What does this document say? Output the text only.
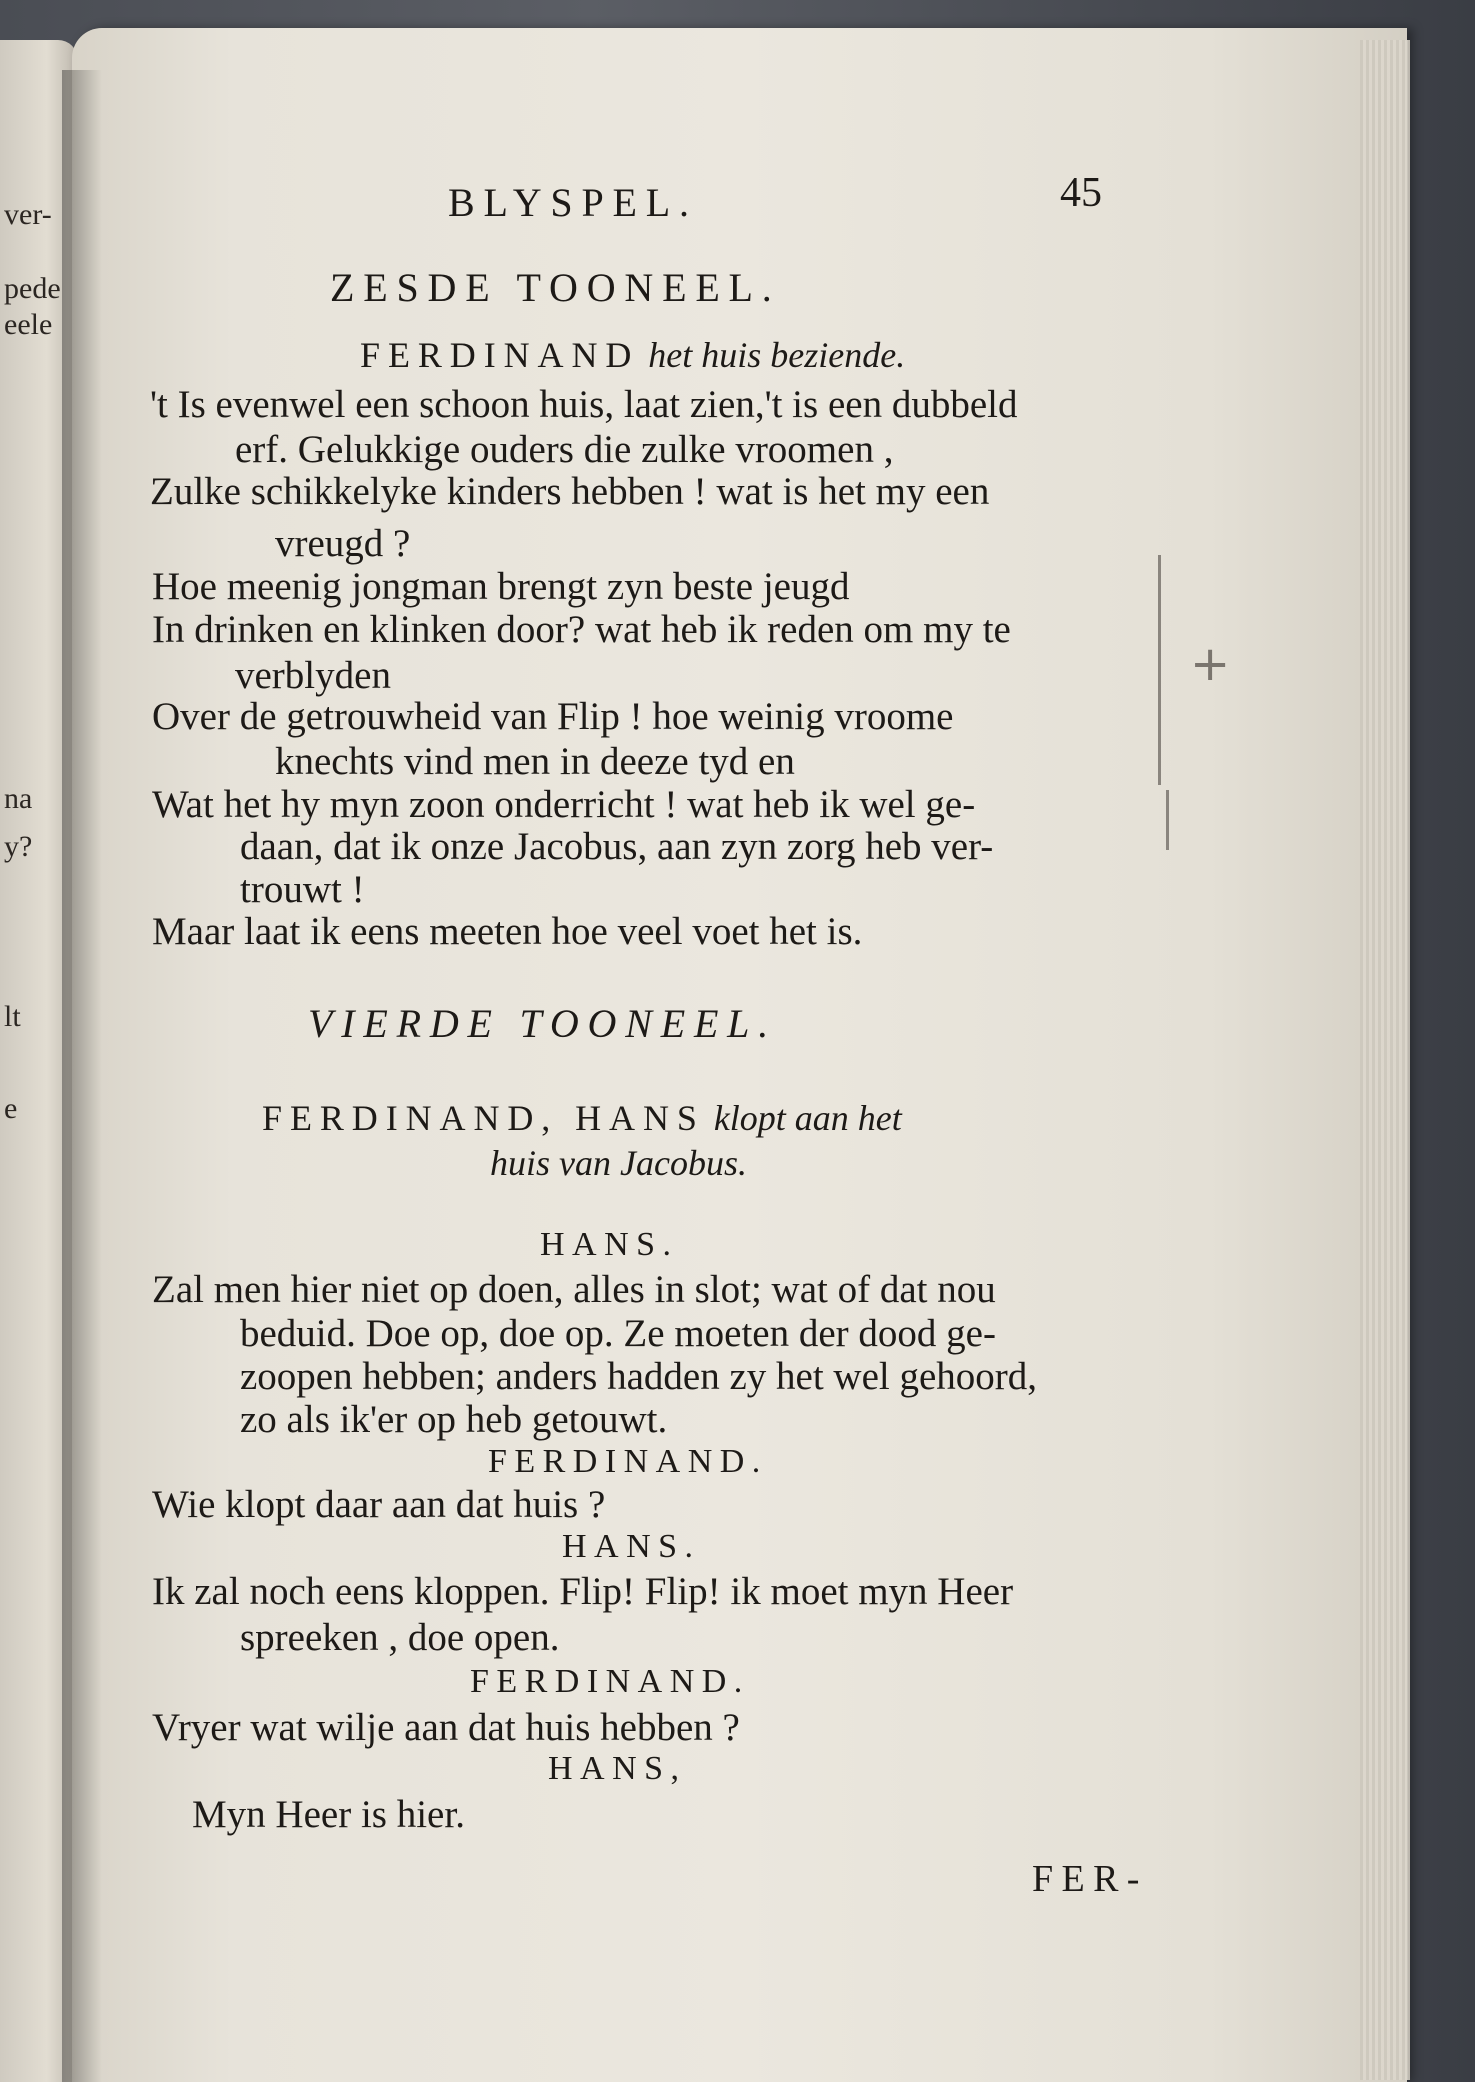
ver-
pede
eele
na
y?
lt
e
BLYSPEL.	45
ZESDE TOONEEL.
FERDINAND het huis beziende.
't Is evenwel een schoon huis, laat zien,'t is een dubbeld
erf. Gelukkige ouders die zulke vroomen ,
Zulke schikkelyke kinders hebben ! wat is het my een
vreugd ?
Hoe meenig jongman brengt zyn beste jeugd
In drinken en klinken door? wat heb ik reden om my te
verblyden
Over de getrouwheid van Flip ! hoe weinig vroome
knechts vind men in deeze tyd en
Wat het hy myn zoon onderricht ! wat heb ik wel ge-
daan, dat ik onze Jacobus, aan zyn zorg heb ver-
trouwt !
Maar laat ik eens meeten hoe veel voet het is.
+
VIERDE TOONEEL.
FERDINAND, HANS klopt aan het
huis van Jacobus.
HANS.
Zal men hier niet op doen, alles in slot; wat of dat nou
beduid. Doe op, doe op. Ze moeten der dood ge-
zoopen hebben; anders hadden zy het wel gehoord,
zo als ik'er op heb getouwt.
FERDINAND.
Wie klopt daar aan dat huis ?
HANS.
Ik zal noch eens kloppen. Flip! Flip! ik moet myn Heer
spreeken , doe open.
FERDINAND.
Vryer wat wilje aan dat huis hebben ?
HANS,
Myn Heer is hier.
FER-
